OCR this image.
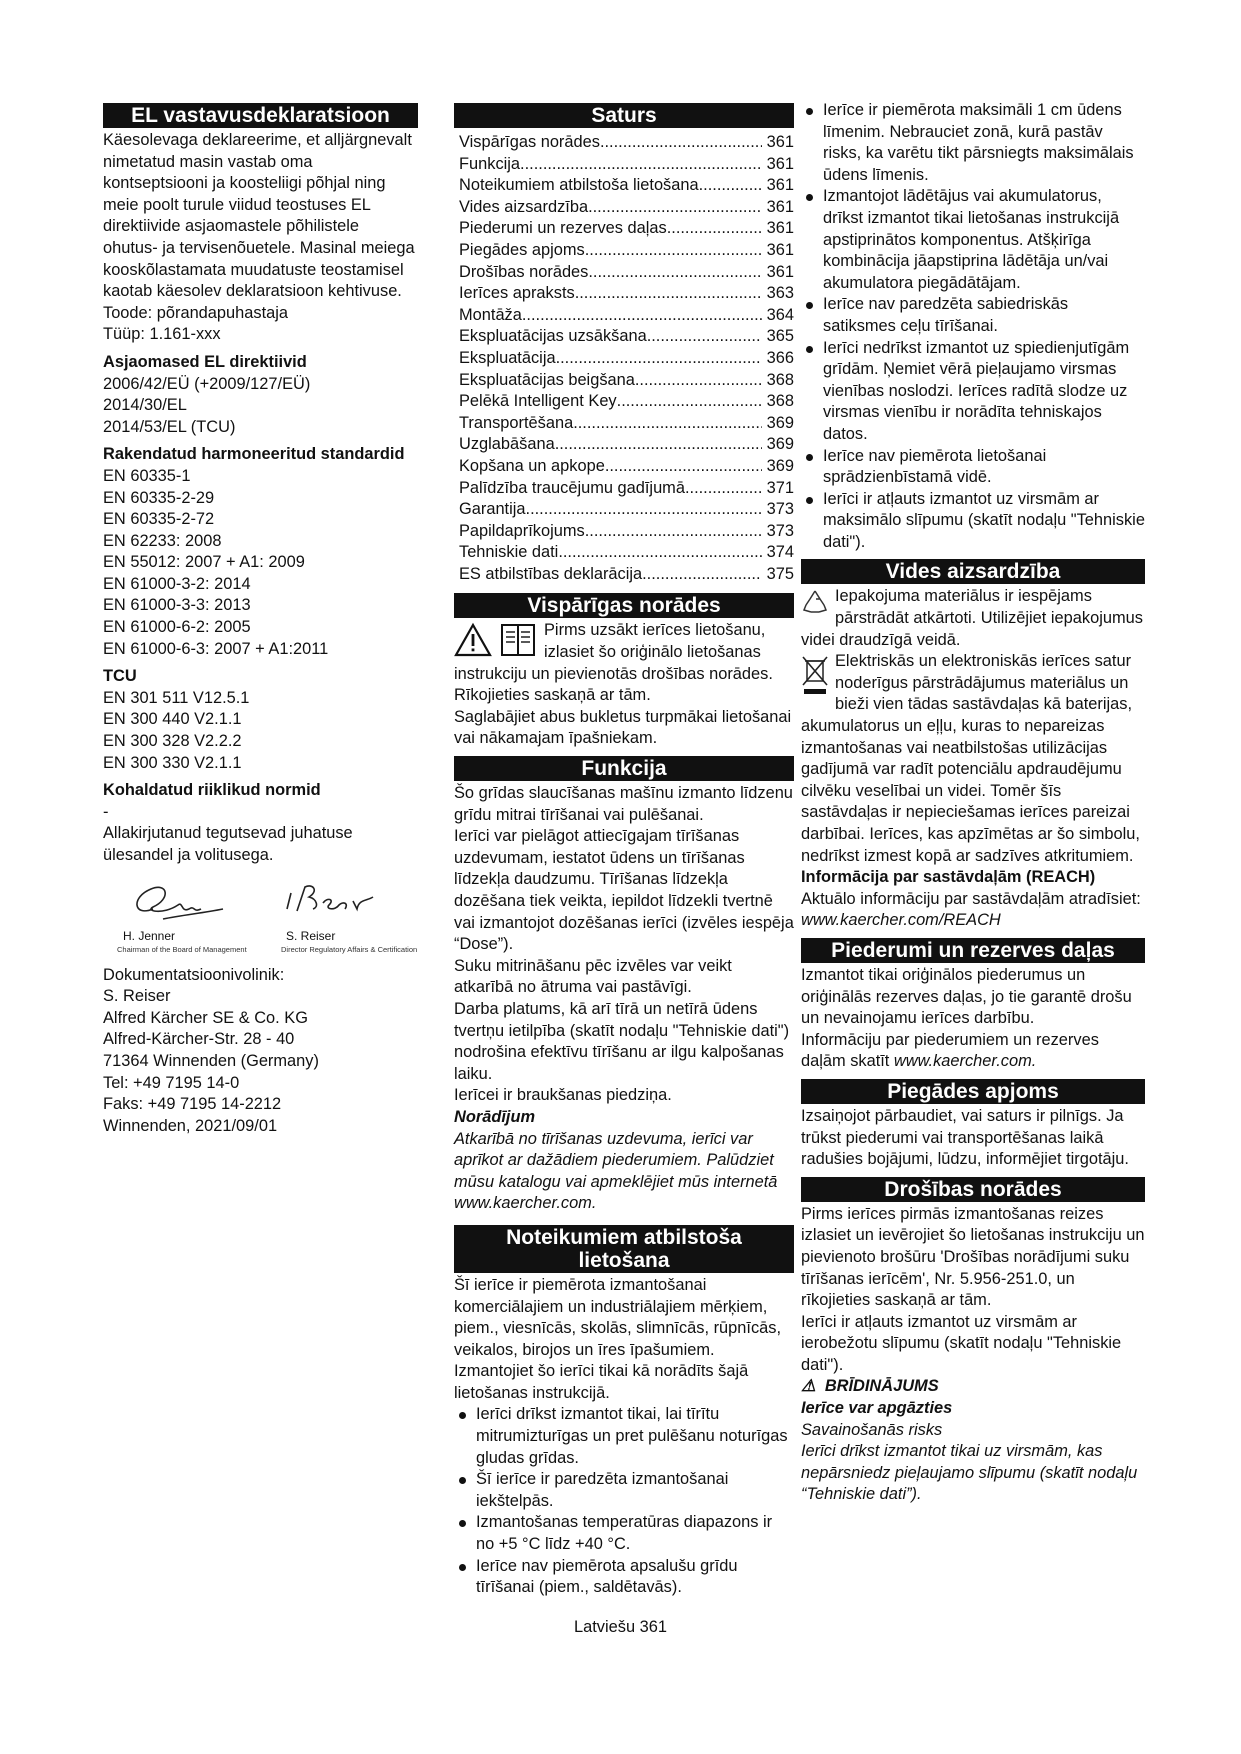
EL vastavusdeklaratsioon

Käesolevaga deklareerime, et alljärgnevalt nimetatud masin vastab oma kontseptsiooni ja koosteliigi põhjal ning meie poolt turule viidud teostuses EL direktiivide asjaomastele põhilistele ohutus- ja tervisenõuetele. Masinal meiega kooskõlastamata muudatuste teostamisel kaotab käesolev deklaratsioon kehtivuse.

Toode: põrandapuhastaja

Tüüp: 1.161-xxx

Asjaomased EL direktiivid

2006/42/EÜ (+2009/127/EÜ)

2014/30/EL

2014/53/EL (TCU)

Rakendatud harmoneeritud standardid

EN 60335-1

EN 60335-2-29

EN 60335-2-72

EN 62233: 2008

EN 55012: 2007 + A1: 2009

EN 61000-3-2: 2014

EN 61000-3-3: 2013

EN 61000-6-2: 2005

EN 61000-6-3: 2007 + A1:2011

TCU

EN 301 511 V12.5.1

EN 300 440 V2.1.1

EN 300 328 V2.2.2

EN 300 330 V2.1.1

Kohaldatud riiklikud normid

-

Allakirjutanud tegutsevad juhatuse ülesandel ja volitusega.

H. Jenner
Chairman of the Board of Management
S. Reiser
Director Regulatory Affairs & Certification

Dokumentatsioonivolinik:

S. Reiser

Alfred Kärcher SE & Co. KG

Alfred-Kärcher-Str. 28 - 40

71364 Winnenden (Germany)

Tel: +49 7195 14-0

Faks: +49 7195 14-2212

Winnenden, 2021/09/01

Saturs
Vispārīgas norādes .....	361
Funkcija .....	361
Noteikumiem atbilstoša lietošana .....	361
Vides aizsardzība .....	361
Piederumi un rezerves daļas .....	361
Piegādes apjoms .....	361
Drošības norādes .....	361
Ierīces apraksts .....	363
Montāža .....	364
Ekspluatācijas uzsākšana .....	365
Ekspluatācija .....	366
Ekspluatācijas beigšana .....	368
Pelēkā Intelligent Key .....	368
Transportēšana .....	369
Uzglabāšana .....	369
Kopšana un apkope .....	369
Palīdzība traucējumu gadījumā .....	371
Garantija .....	373
Papildaprīkojums .....	373
Tehniskie dati .....	374
ES atbilstības deklarācija .....	375
Vispārīgas norādes

Pirms uzsākt ierīces lietošanu, izlasiet šo oriģinālo lietošanas instrukciju un pievienotās drošības norādes. Rīkojieties saskaņā ar tām.

Saglabājiet abus bukletus turpmākai lietošanai vai nākamajam īpašniekam.

Funkcija

Šo grīdas slaucīšanas mašīnu izmanto līdzenu grīdu mitrai tīrīšanai vai pulēšanai.

Ierīci var pielāgot attiecīgajam tīrīšanas uzdevumam, iestatot ūdens un tīrīšanas līdzekļa daudzumu. Tīrīšanas līdzekļa dozēšana tiek veikta, iepildot līdzekli tvertnē vai izmantojot dozēšanas ierīci (izvēles iespēja “Dose”).

Suku mitrināšanu pēc izvēles var veikt atkarībā no ātruma vai pastāvīgi.

Darba platums, kā arī tīrā un netīrā ūdens tvertņu ietilpība (skatīt nodaļu "Tehniskie dati") nodrošina efektīvu tīrīšanu ar ilgu kalpošanas laiku.

Ierīcei ir braukšanas piedziņa.

Norādījum

Atkarībā no tīrīšanas uzdevuma, ierīci var aprīkot ar dažādiem piederumiem. Palūdziet mūsu katalogu vai apmeklējiet mūs internetā www.kaercher.com.

Noteikumiem atbilstoša
lietošana

Šī ierīce ir piemērota izmantošanai komerciālajiem un industriālajiem mērķiem, piem., viesnīcās, skolās, slimnīcās, rūpnīcās, veikalos, birojos un īres īpašumiem.

Izmantojiet šo ierīci tikai kā norādīts šajā lietošanas instrukcijā.

Ierīci drīkst izmantot tikai, lai tīrītu mitrumizturīgas un pret pulēšanu noturīgas gludas grīdas.
Šī ierīce ir paredzēta izmantošanai iekštelpās.
Izmantošanas temperatūras diapazons ir no +5 °C līdz +40 °C.
Ierīce nav piemērota apsalušu grīdu tīrīšanai (piem., saldētavās).
Ierīce ir piemērota maksimāli 1 cm ūdens līmenim. Nebrauciet zonā, kurā pastāv risks, ka varētu tikt pārsniegts maksimālais ūdens līmenis.
Izmantojot lādētājus vai akumulatorus, drīkst izmantot tikai lietošanas instrukcijā apstiprinātos komponentus. Atšķirīga kombinācija jāapstiprina lādētāja un/vai akumulatora piegādātājam.
Ierīce nav paredzēta sabiedriskās satiksmes ceļu tīrīšanai.
Ierīci nedrīkst izmantot uz spiedienjutīgām grīdām. Ņemiet vērā pieļaujamo virsmas vienības noslodzi. Ierīces radītā slodze uz virsmas vienību ir norādīta tehniskajos datos.
Ierīce nav piemērota lietošanai sprādzienbīstamā vidē.
Ierīci ir atļauts izmantot uz virsmām ar maksimālo slīpumu (skatīt nodaļu "Tehniskie dati").
Vides aizsardzība

Iepakojuma materiālus ir iespējams pārstrādāt atkārtoti. Utilizējiet iepakojumus videi draudzīgā veidā.

Elektriskās un elektroniskās ierīces satur noderīgus pārstrādājumus materiālus un bieži vien tādas sastāvdaļas kā baterijas, akumulatorus un eļļu, kuras to nepareizas izmantošanas vai neatbilstošas utilizācijas gadījumā var radīt potenciālu apdraudējumu cilvēku veselībai un videi. Tomēr šīs sastāvdaļas ir nepieciešamas ierīces pareizai darbībai. Ierīces, kas apzīmētas ar šo simbolu, nedrīkst izmest kopā ar sadzīves atkritumiem.

Informācija par sastāvdaļām (REACH)

Aktuālo informāciju par sastāvdaļām atradīsiet: www.kaercher.com/REACH

Piederumi un rezerves daļas

Izmantot tikai oriģinālos piederumus un oriģinālās rezerves daļas, jo tie garantē drošu un nevainojamu ierīces darbību.

Informāciju par piederumiem un rezerves daļām skatīt www.kaercher.com.

Piegādes apjoms

Izsaiņojot pārbaudiet, vai saturs ir pilnīgs. Ja trūkst piederumi vai transportēšanas laikā radušies bojājumi, lūdzu, informējiet tirgotāju.

Drošības norādes

Pirms ierīces pirmās izmantošanas reizes izlasiet un ievērojiet šo lietošanas instrukciju un pievienoto brošūru 'Drošības norādījumi suku tīrīšanas ierīcēm', Nr. 5.956-251.0, un rīkojieties saskaņā ar tām.

Ierīci ir atļauts izmantot uz virsmām ar ierobežotu slīpumu (skatīt nodaļu "Tehniskie dati").

⚠ BRĪDINĀJUMS

Ierīce var apgāzties

Savainošanās risks

Ierīci drīkst izmantot tikai uz virsmām, kas nepārsniedz pieļaujamo slīpumu (skatīt nodaļu “Tehniskie dati”).

Latviešu 361
